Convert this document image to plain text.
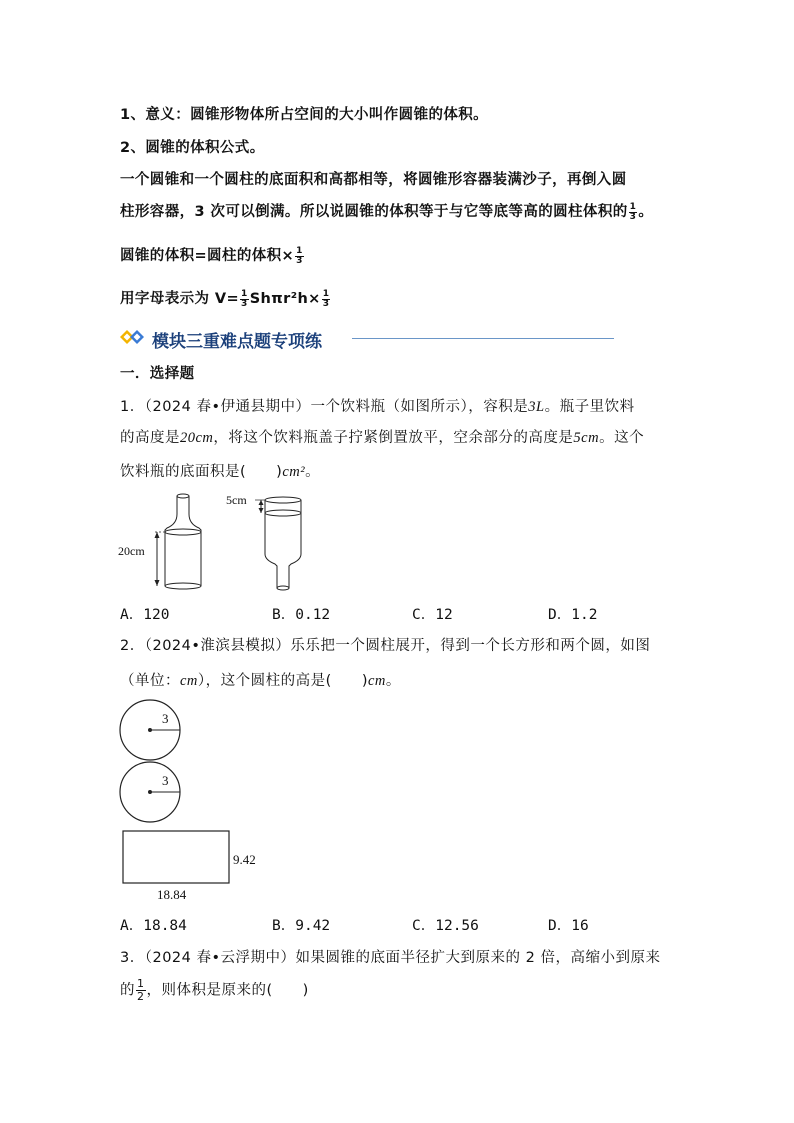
1、意义：圆锥形物体所占空间的大小叫作圆锥的体积。
2、圆锥的体积公式。
一个圆锥和一个圆柱的底面积和高都相等，将圆锥形容器装满沙子，再倒入圆
柱形容器，3 次可以倒满。所以说圆锥的体积等于与它等底等高的圆柱体积的 $\frac{1}{3}$ 。
圆锥的体积=圆柱的体积× $\frac{1}{3}$
用字母表示为 $V= \frac{1}{3} Sh\pi r^2h\times \frac{1}{3}$
模块三重难点题专项练
一．选择题
1．（2024 春•伊通县期中）一个饮料瓶（如图所示），容积是3L。瓶子里饮料
的高度是20cm，将这个饮料瓶盖子拧紧倒置放平，空余部分的高度是5cm。这个
饮料瓶的底面积是( )cm²。
20cm
5cm
A．120	B．0.12	C．12	D．1.2
2．（2024•淮滨县模拟）乐乐把一个圆柱展开，得到一个长方形和两个圆，如图
（单位：cm），这个圆柱的高是( )cm。
3
3
9.42
18.84
A．18.84	B．9.42	C．12.56	D．16
3．（2024 春•云浮期中）如果圆锥的底面半径扩大到原来的 2 倍，高缩小到原来
的 $\frac{1}{2}$ ，则体积是原来的( )
